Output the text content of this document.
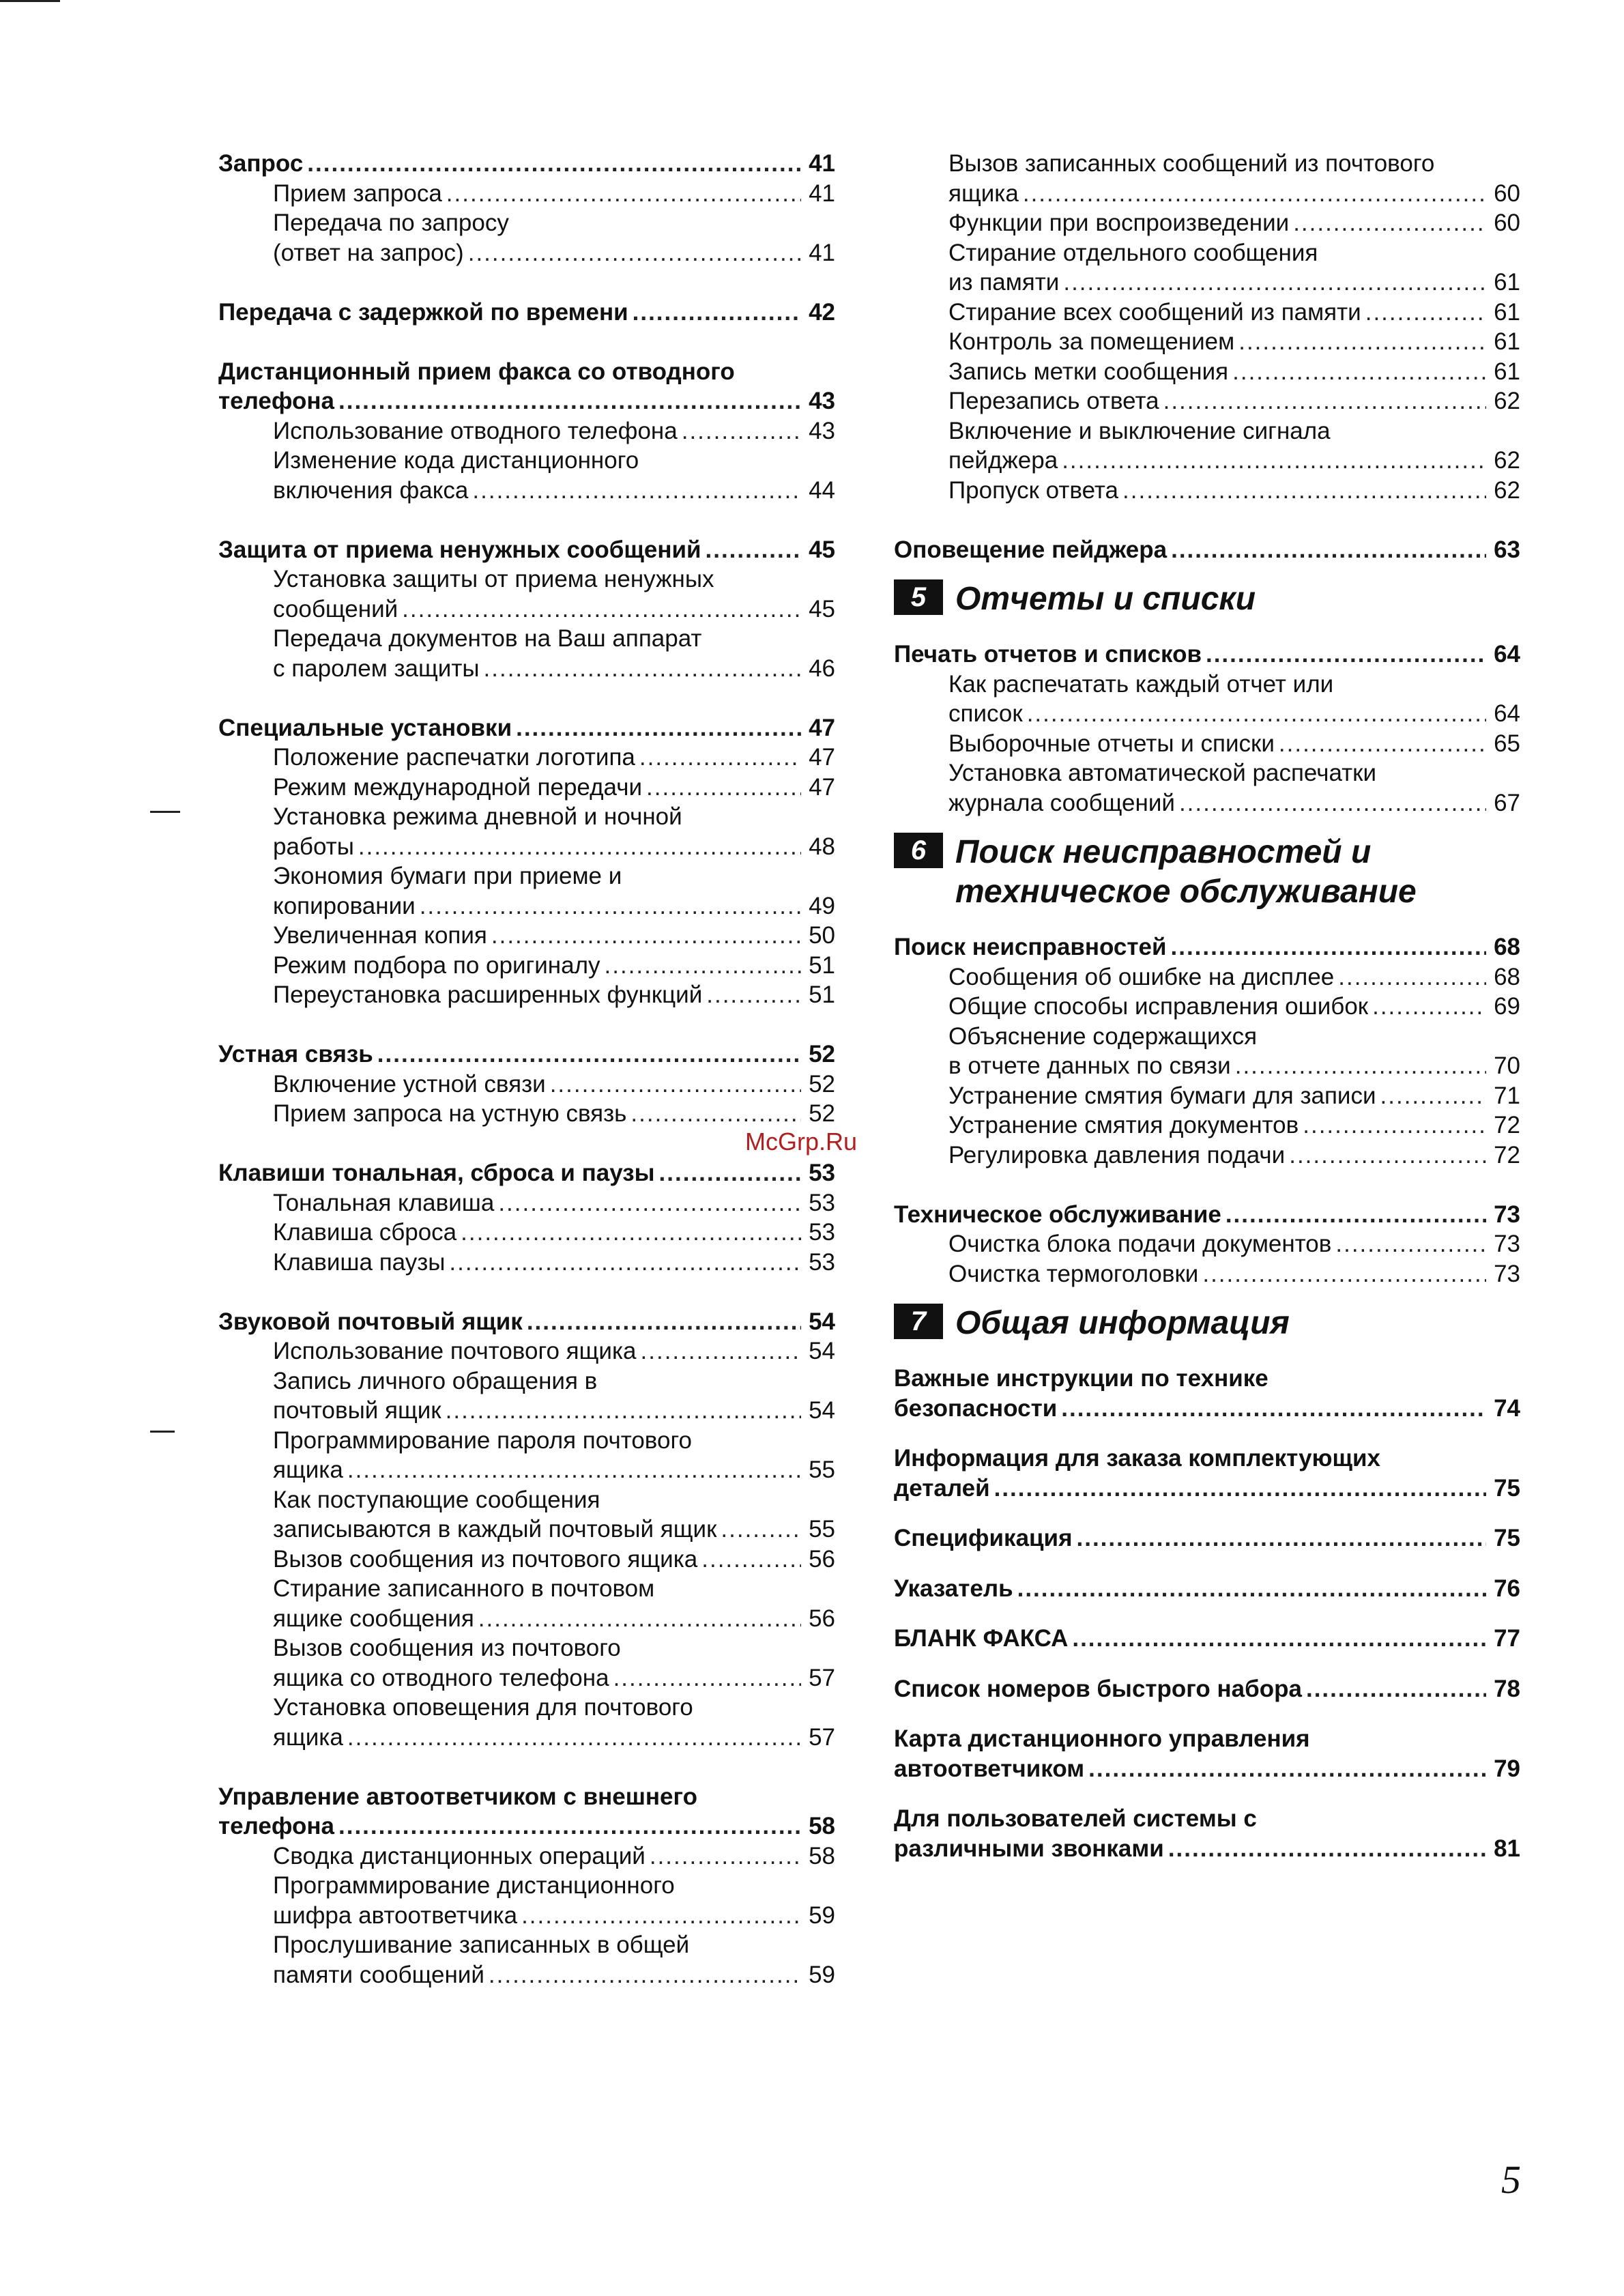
Запрос .....	41
Прием запроса .....	41
Передача по запросу
(ответ на запрос) .....	41
Передача с задержкой по времени .....	42
Дистанционный прием факса со отводного
телефона .....	43
Использование отводного телефона .....	43
Изменение кода дистанционного
включения факса .....	44
Защита от приема ненужных сообщений .....	45
Установка защиты от приема ненужных
сообщений .....	45
Передача документов на Ваш аппарат
с паролем защиты .....	46
Специальные установки .....	47
Положение распечатки логотипа .....	47
Режим международной передачи .....	47
Установка режима дневной и ночной
работы .....	48
Экономия бумаги при приеме и
копировании .....	49
Увеличенная копия .....	50
Режим подбора по оригиналу .....	51
Переустановка расширенных функций .....	51
Устная связь .....	52
Включение устной связи .....	52
Прием запроса на устную связь .....	52
Клавиши тональная, сброса и паузы .....	53
Тональная клавиша .....	53
Клавиша сброса .....	53
Клавиша паузы .....	53
Звуковой почтовый ящик .....	54
Использование почтового ящика .....	54
Запись личного обращения в
почтовый ящик .....	54
Программирование пароля почтового
ящика .....	55
Как поступающие сообщения
записываются в каждый почтовый ящик .....	55
Вызов сообщения из почтового ящика .....	56
Стирание записанного в почтовом
ящике сообщения .....	56
Вызов сообщения из почтового
ящика со отводного телефона .....	57
Установка оповещения для почтового
ящика .....	57
Управление автоответчиком с внешнего
телефона .....	58
Сводка дистанционных операций .....	58
Программирование дистанционного
шифра автоответчика .....	59
Прослушивание записанных в общей
памяти сообщений .....	59
Вызов записанных сообщений из почтового
ящика .....	60
Функции при воспроизведении .....	60
Стирание отдельного сообщения
из памяти .....	61
Стирание всех сообщений из памяти .....	61
Контроль за помещением .....	61
Запись метки сообщения .....	61
Перезапись ответа .....	62
Включение и выключение сигнала
пейджера .....	62
Пропуск ответа .....	62
Оповещение пейджера .....	63
5 Отчеты и списки
Печать отчетов и списков .....	64
Как распечатать каждый отчет или
список .....	64
Выборочные отчеты и списки .....	65
Установка автоматической распечатки
журнала сообщений .....	67
6 Поиск неисправностей и
техническое обслуживание
Поиск неисправностей .....	68
Сообщения об ошибке на дисплее .....	68
Общие способы исправления ошибок .....	69
Объяснение содержащихся
в отчете данных по связи .....	70
Устранение смятия бумаги для записи .....	71
Устранение смятия документов .....	72
Регулировка давления подачи .....	72
Техническое обслуживание .....	73
Очистка блока подачи документов .....	73
Очистка термоголовки .....	73
7 Общая информация
Важные инструкции по технике
безопасности .....	74
Информация для заказа комплектующих
деталей .....	75
Спецификация .....	75
Указатель .....	76
БЛАНК ФАКСА .....	77
Список номеров быстрого набора .....	78
Карта дистанционного управления
автоответчиком .....	79
Для пользователей системы с
различными звонками .....	81
McGrp.Ru
5
